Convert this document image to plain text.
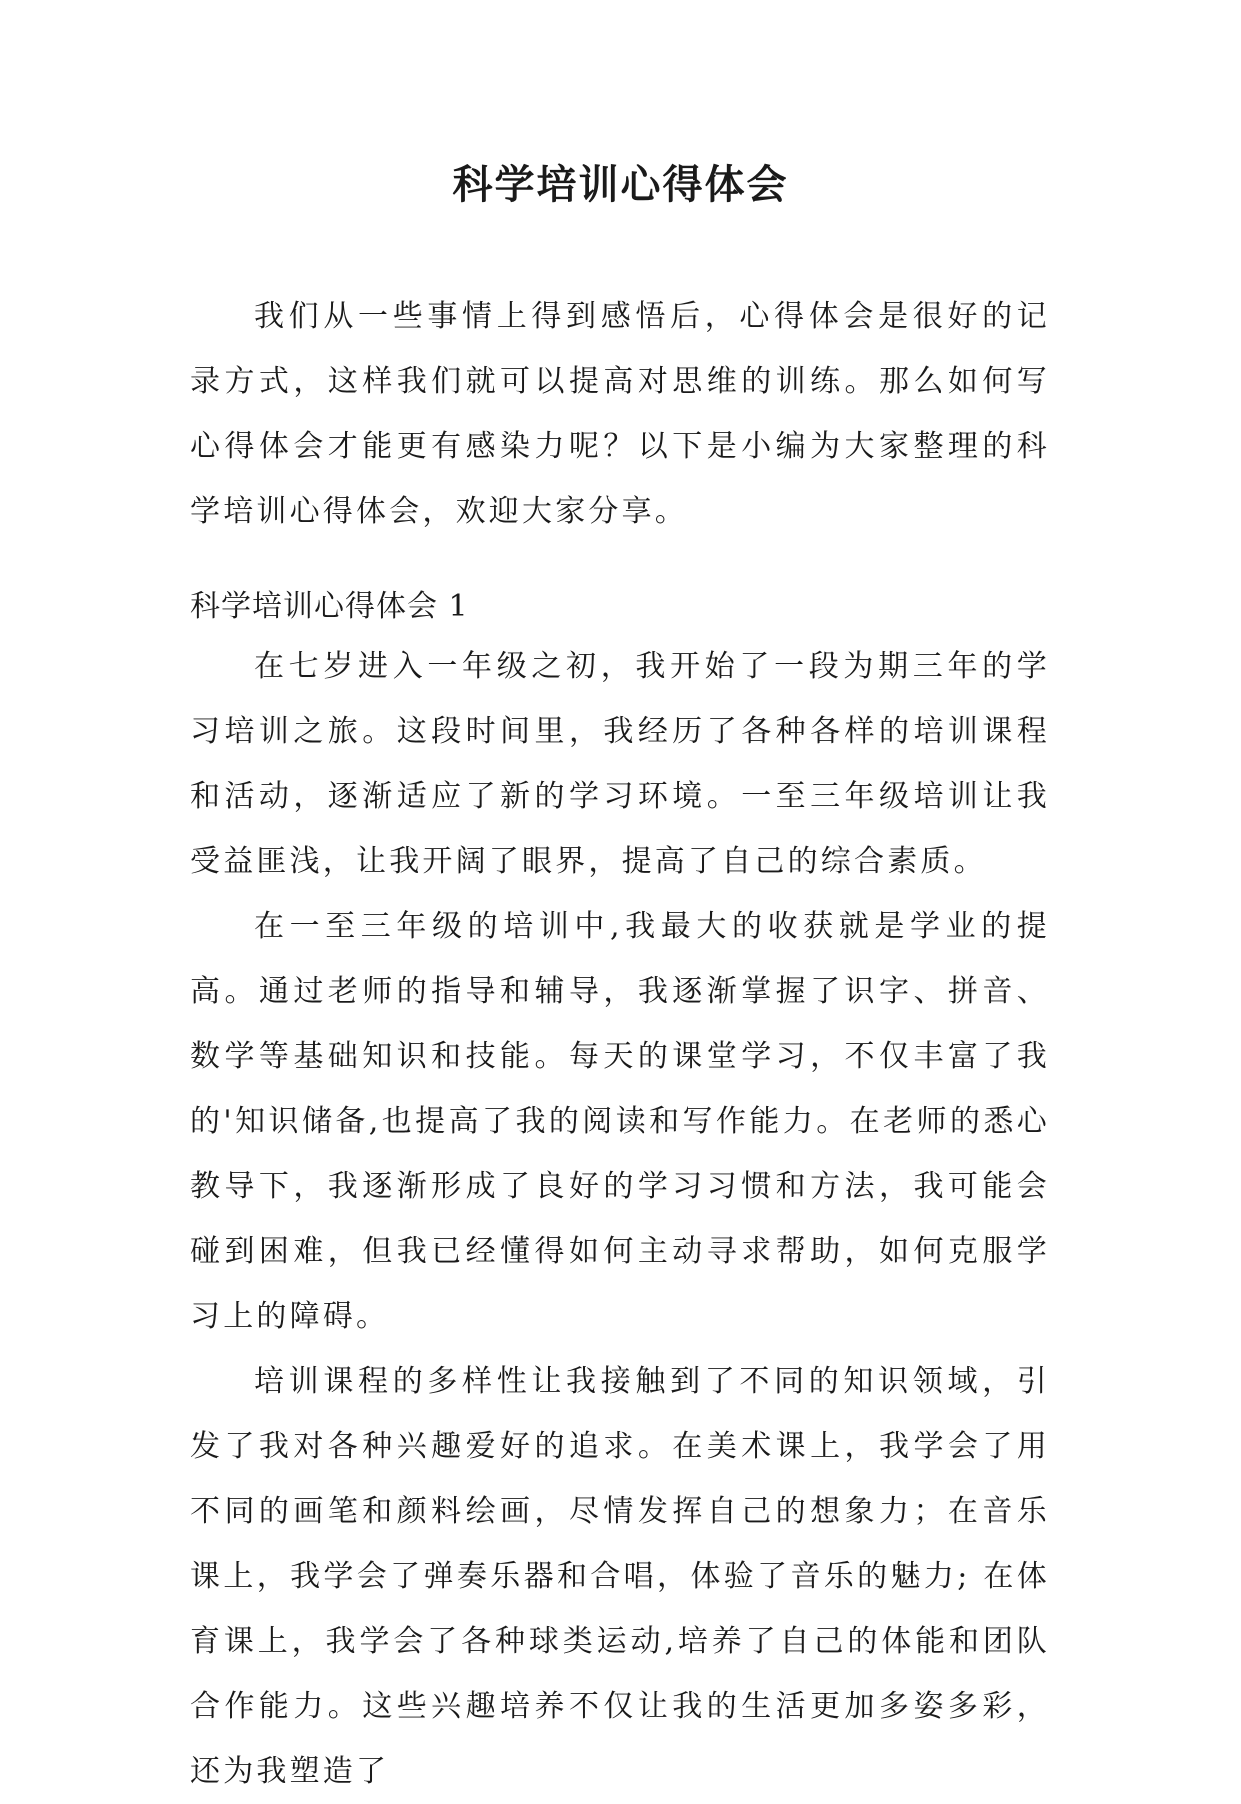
科学培训心得体会

我们从一些事情上得到感悟后，心得体会是很好的记录方式，这样我们就可以提高对思维的训练。那么如何写心得体会才能更有感染力呢？以下是小编为大家整理的科学培训心得体会，欢迎大家分享。

科学培训心得体会 1

在七岁进入一年级之初，我开始了一段为期三年的学习培训之旅。这段时间里，我经历了各种各样的培训课程和活动，逐渐适应了新的学习环境。一至三年级培训让我受益匪浅，让我开阔了眼界，提高了自己的综合素质。

在一至三年级的培训中,我最大的收获就是学业的提高。通过老师的指导和辅导，我逐渐掌握了识字、拼音、数学等基础知识和技能。每天的课堂学习，不仅丰富了我的'知识储备,也提高了我的阅读和写作能力。在老师的悉心教导下，我逐渐形成了良好的学习习惯和方法，我可能会碰到困难，但我已经懂得如何主动寻求帮助，如何克服学习上的障碍。

培训课程的多样性让我接触到了不同的知识领域，引发了我对各种兴趣爱好的追求。在美术课上，我学会了用不同的画笔和颜料绘画，尽情发挥自己的想象力；在音乐课上，我学会了弹奏乐器和合唱，体验了音乐的魅力; 在体育课上，我学会了各种球类运动,培养了自己的体能和团队合作能力。这些兴趣培养不仅让我的生活更加多姿多彩，还为我塑造了
